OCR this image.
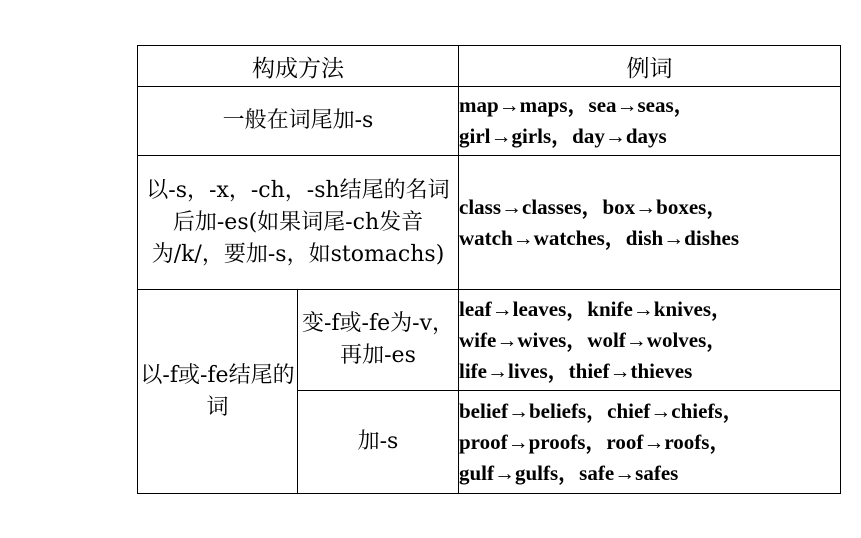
构成方法		例词
一般在词尾加-s		map→maps，sea→seas，
girl→girls，day→days

以-s，-x，-ch，-sh结尾的名词后加-es(如果词尾-ch发音为/k/，要加-s，如stomachs)		class→classes，box→boxes，
watch→watches，dish→dishes

以-f或-fe结尾的词	变-f或-fe为-v，再加-es	leaf→leaves，knife→knives，
wife→wives，wolf→wolves，
life→lives，thief→thieves

	加-s	belief→beliefs，chief→chiefs，
proof→proofs，roof→roofs，
gulf→gulfs，safe→safes
